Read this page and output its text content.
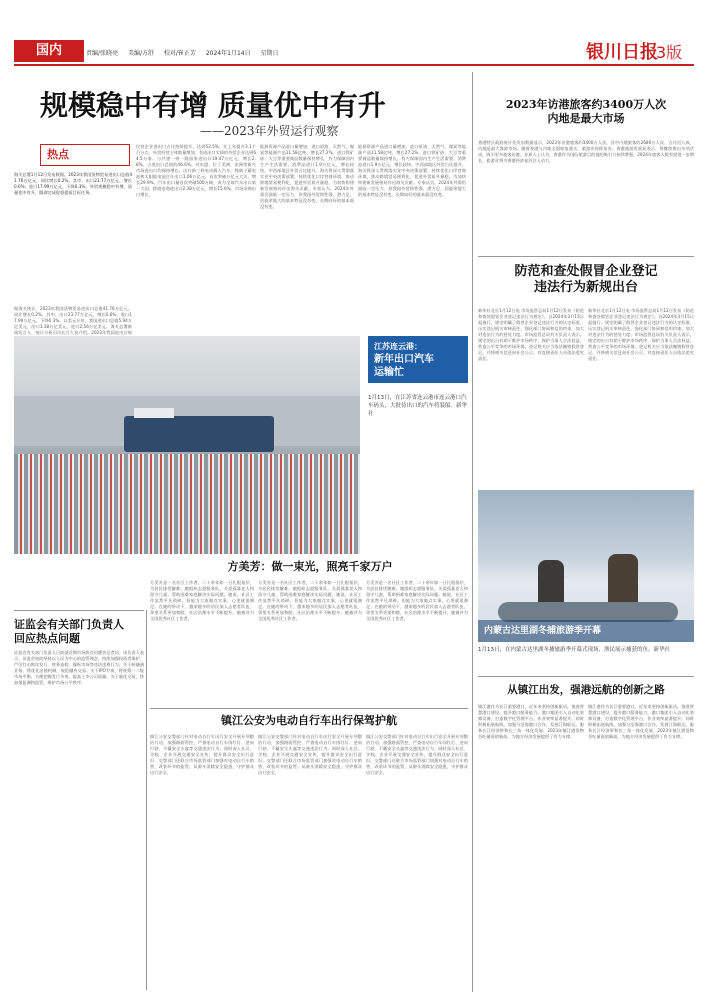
国内	责编/张晓亮 美编/方舒 校对/崔正芳 2024年1月14日 星期日	银川日报
3版
规模稳中有增 质量优中有升
——2023年外贸运行观察
热点
海关总署1月12日发布数据，2023年我国货物贸易进出口总值41.76万亿元，同比增长0.2%。其中，出口23.77万亿元，增长0.6%；进口17.99万亿元，下降0.3%。外贸规模稳中有增、质量优中有升，圆满完成促稳提质目标任务。
据海关统计，2023年我国货物贸易进出口总值41.76万亿元，同比增长0.2%。其中，出口23.77万亿元，增长0.6%；进口17.99万亿元，下降0.3%。以美元计价，我国进出口总值5.94万亿美元，出口3.38万亿美元，进口2.56万亿美元。海关总署新闻发言人、统计分析司司长吕大良介绍，2023年我国进出口规
民营企业进出口占比持续提升，达到53.5%，比上年提升3.1个百分点。外贸经营主体数量增加，有进出口实绩的外贸企业达到64.5万家。与共建一带一路国家进出口19.47万亿元，增长2.8%，占进出口总值的46.6%。对东盟、拉丁美洲、非洲等新兴市场进出口均保持增长。出口新三样电动载人汽车、锂离子蓄电池和太阳能电池合计出口1.06万亿元，首次突破万亿元大关，增长29.9%。汽车出口量首次突破500万辆，成为全球汽车出口第一大国。跨境电商进出口2.38万亿元，增长15.6%。市场采购出口增长。
能源资源产品进口量增加，进口原油、天然气、煤炭等能源产品11.58亿吨，增长27.2%。进口铁矿砂、大豆等重要商品数量保持增长，有力保障国内生产生活需要。消费品进口1.9万亿元，增长较快。中西部地区外贸占比提升。海关将深入贯彻落实党中央决策部署，持续优化口岸营商环境，推动跨境贸易便利化，促进外贸质升量稳，为加快构建新发展格局作出海关贡献。专家认为，2024年外需仍面临一定压力，但我国外贸韧性强、潜力足、回旋余地大的基本特征没有变，长期向好的基本面没有变。
能源资源产品进口量增加，进口原油、天然气、煤炭等能源产品11.58亿吨，增长27.2%。进口铁矿砂、大豆等重要商品数量保持增长，有力保障国内生产生活需要。消费品进口1.9万亿元，增长较快。中西部地区外贸占比提升。海关将深入贯彻落实党中央决策部署，持续优化口岸营商环境，推动跨境贸易便利化，促进外贸质升量稳，为加快构建新发展格局作出海关贡献。专家认为，2024年外需仍面临一定压力，但我国外贸韧性强、潜力足、回旋余地大的基本特征没有变，长期向好的基本面没有变。
2023年访港旅客约3400万人次
内地是最大市场
香港特区政府统计处发布数据显示，2023年访港旅客约3400万人次，其中内地旅客约2680万人次，占比近八成，内地是最大客源市场。随着香港与内地全面恢复通关，旅游业持续复苏。香港旅游发展局表示，将继续推出多项活动，吸引更多旅客访港。业界人士认为，香港作为国际旅游目的地的吸引力持续增强，2024年旅客人数有望进一步增长，旅游业将为香港经济复苏注入动力。
防范和查处假冒企业登记
违法行为新规出台
新华社北京1月12日电 市场监管总局1月12日发布《防范和查处假冒企业登记违法行为规定》，自2024年3月15日起施行。规定明确了假冒企业登记违法行为的认定标准，压实登记机关审核责任，强化部门协同和信用约束，加大对违法行为的惩处力度。市场监管总局有关负责人表示，规定的出台有助于维护市场秩序，保护当事人合法权益，营造公平竞争的市场环境。登记机关应当依法撤销假冒登记，并将相关信息向社会公示，对直接责任人员依法追究责任。
新华社北京1月12日电 市场监管总局1月12日发布《防范和查处假冒企业登记违法行为规定》，自2024年3月15日起施行。规定明确了假冒企业登记违法行为的认定标准，压实登记机关审核责任，强化部门协同和信用约束，加大对违法行为的惩处力度。市场监管总局有关负责人表示，规定的出台有助于维护市场秩序，保护当事人合法权益，营造公平竞争的市场环境。登记机关应当依法撤销假冒登记，并将相关信息向社会公示，对直接责任人员依法追究责任。
江苏连云港：
新年出口汽车
运输忙
1月13日，在江苏省连云港市连云港口汽车码头，大批待出口的汽车将装船。新华社
内蒙古达里湖冬捕旅游季开幕
1月13日，在内蒙古达里湖冬捕旅游季开幕式现场，渔民展示捕获的鱼。新华社
方美芳：做一束光，照亮千家万户
方美芳是一名社区工作者，二十余年如一日扎根基层，为居民排忧解难。她组织志愿服务队，关爱孤寡老人和留守儿童，帮助困难家庭解决实际问题。她说，社区工作虽然平凡琐碎，但能为大家做点实事，心里就很满足。在她的带动下，越来越多的居民加入志愿者队伍，邻里关系更加和睦，社区治理水平不断提升。她被评为全国优秀社区工作者。
方美芳是一名社区工作者，二十余年如一日扎根基层，为居民排忧解难。她组织志愿服务队，关爱孤寡老人和留守儿童，帮助困难家庭解决实际问题。她说，社区工作虽然平凡琐碎，但能为大家做点实事，心里就很满足。在她的带动下，越来越多的居民加入志愿者队伍，邻里关系更加和睦，社区治理水平不断提升。她被评为全国优秀社区工作者。
方美芳是一名社区工作者，二十余年如一日扎根基层，为居民排忧解难。她组织志愿服务队，关爱孤寡老人和留守儿童，帮助困难家庭解决实际问题。她说，社区工作虽然平凡琐碎，但能为大家做点实事，心里就很满足。在她的带动下，越来越多的居民加入志愿者队伍，邻里关系更加和睦，社区治理水平不断提升。她被评为全国优秀社区工作者。
证监会有关部门负责人
回应热点问题
证监会有关部门负责人日前就近期市场热点问题答记者问。该负责人表示，证监会始终坚持以人民为中心的监管理念，持续加强投资者保护，严厉打击欺诈发行、财务造假、操纵市场等违法违规行为。关于转融通业务，将优化出借机制，规范融券交易。关于IPO节奏，将统筹一二级市场平衡，合理把握发行节奏，提高上市公司质量。关于量化交易，将加强监测和监管，维护市场公平秩序。
镇江公安为电动自行车出行保驾护航
镇江公安交警部门针对电动自行车出行安全开展专项整治行动，加强路面管控，严查电动自行车闯红灯、逆向行驶、不戴安全头盔等交通违法行为。同时深入社区、学校、企业开展交通安全宣传，提升群众安全出行意识。交警部门还联合市场监管部门加强对电动自行车销售、改装环节的监管，从源头消除安全隐患，守护群众出行安全。
镇江公安交警部门针对电动自行车出行安全开展专项整治行动，加强路面管控，严查电动自行车闯红灯、逆向行驶、不戴安全头盔等交通违法行为。同时深入社区、学校、企业开展交通安全宣传，提升群众安全出行意识。交警部门还联合市场监管部门加强对电动自行车销售、改装环节的监管，从源头消除安全隐患，守护群众出行安全。
镇江公安交警部门针对电动自行车出行安全开展专项整治行动，加强路面管控，严查电动自行车闯红灯、逆向行驶、不戴安全头盔等交通违法行为。同时深入社区、学校、企业开展交通安全宣传，提升群众安全出行意识。交警部门还联合市场监管部门加强对电动自行车销售、改装环节的监管，从源头消除安全隐患，守护群众出行安全。
从镇江出发，强港远航的创新之路
镇江港作为长江重要港口，近年来坚持创新驱动，推进智慧港口建设，提升港口服务能力。港口集团引入自动化装卸设备，打造数字化管理平台，作业效率显著提升。同时积极拓展航线，加强与沿海港口合作，发展江海联运，服务长江经济带和长三角一体化发展。2023年镇江港货物吞吐量再创新高，为地方经济发展提供了有力支撑。
镇江港作为长江重要港口，近年来坚持创新驱动，推进智慧港口建设，提升港口服务能力。港口集团引入自动化装卸设备，打造数字化管理平台，作业效率显著提升。同时积极拓展航线，加强与沿海港口合作，发展江海联运，服务长江经济带和长三角一体化发展。2023年镇江港货物吞吐量再创新高，为地方经济发展提供了有力支撑。
